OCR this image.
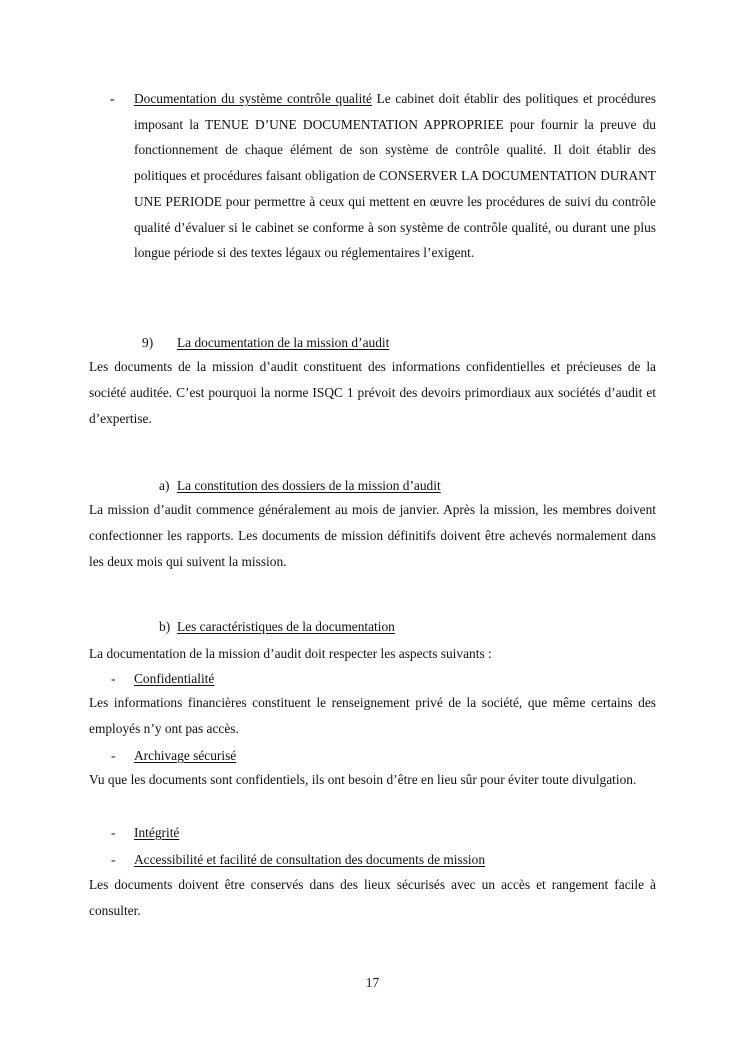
- Documentation du système contrôle qualité Le cabinet doit établir des politiques et procédures imposant la TENUE D’UNE DOCUMENTATION APPROPRIEE pour fournir la preuve du fonctionnement de chaque élément de son système de contrôle qualité. Il doit établir des politiques et procédures faisant obligation de CONSERVER LA DOCUMENTATION DURANT UNE PERIODE pour permettre à ceux qui mettent en œuvre les procédures de suivi du contrôle qualité d’évaluer si le cabinet se conforme à son système de contrôle qualité, ou durant une plus longue période si des textes légaux ou réglementaires l’exigent.
9) La documentation de la mission d’audit
Les documents de la mission d’audit constituent des informations confidentielles et précieuses de la société auditée. C’est pourquoi la norme ISQC 1 prévoit des devoirs primordiaux aux sociétés d’audit et d’expertise.
a) La constitution des dossiers de la mission d’audit
La mission d’audit commence généralement au mois de janvier. Après la mission, les membres doivent confectionner les rapports. Les documents de mission définitifs doivent être achevés normalement dans les deux mois qui suivent la mission.
b) Les caractéristiques de la documentation
La documentation de la mission d’audit doit respecter les aspects suivants :
- Confidentialité
Les informations financières constituent le renseignement privé de la société, que même certains des employés n’y ont pas accès.
- Archivage sécurisé
Vu que les documents sont confidentiels, ils ont besoin d’être en lieu sûr pour éviter toute divulgation.
- Intégrité
- Accessibilité et facilité de consultation des documents de mission
Les documents doivent être conservés dans des lieux sécurisés avec un accès et rangement facile à consulter.
17
